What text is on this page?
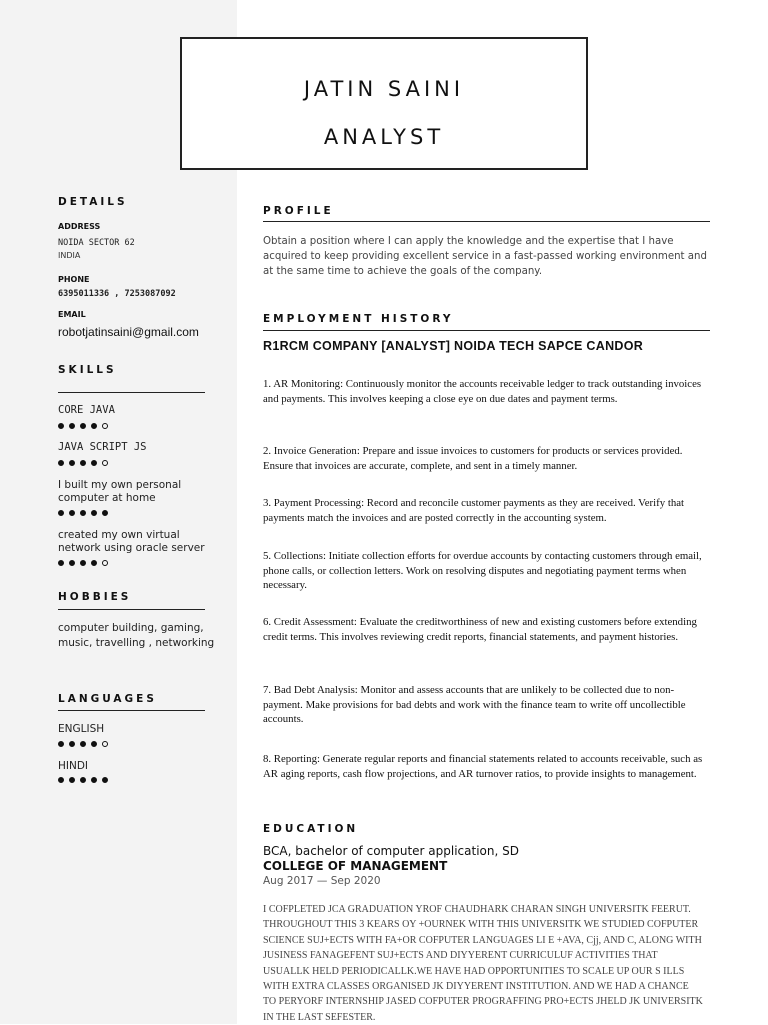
JATIN SAINI
ANALYST
DETAILS
ADDRESS
NOIDA SECTOR 62
INDIA
PHONE
6395011336 , 7253087092
EMAIL
robotjatinsaini@gmail.com
SKILLS
CORE JAVA
JAVA SCRIPT JS
I built my own personal computer at home
created my own virtual network using oracle server
HOBBIES
computer building, gaming, music, travelling , networking
LANGUAGES
ENGLISH
HINDI
PROFILE
Obtain a position where I can apply the knowledge and the expertise that I have acquired to keep providing excellent service in a fast-passed working environment and at the same time to achieve the goals of the company.
EMPLOYMENT HISTORY
R1RCM COMPANY [ANALYST] NOIDA TECH SAPCE CANDOR
1. AR Monitoring: Continuously monitor the accounts receivable ledger to track outstanding invoices and payments. This involves keeping a close eye on due dates and payment terms.
2. Invoice Generation: Prepare and issue invoices to customers for products or services provided. Ensure that invoices are accurate, complete, and sent in a timely manner.
3. Payment Processing: Record and reconcile customer payments as they are received. Verify that payments match the invoices and are posted correctly in the accounting system.
5. Collections: Initiate collection efforts for overdue accounts by contacting customers through email, phone calls, or collection letters. Work on resolving disputes and negotiating payment terms when necessary.
6. Credit Assessment: Evaluate the creditworthiness of new and existing customers before extending credit terms. This involves reviewing credit reports, financial statements, and payment histories.
7. Bad Debt Analysis: Monitor and assess accounts that are unlikely to be collected due to non-payment. Make provisions for bad debts and work with the finance team to write off uncollectible accounts.
8. Reporting: Generate regular reports and financial statements related to accounts receivable, such as AR aging reports, cash flow projections, and AR turnover ratios, to provide insights to management.
EDUCATION
BCA, bachelor of computer application, SD
COLLEGE OF MANAGEMENT
Aug 2017 — Sep 2020
I COFPLETED JCA GRADUATION YROF CHAUDHARK CHARAN SINGH UNIVERSITK FEERUT. THROUGHOUT THIS 3 KEARS OY +OURNEK WITH THIS UNIVERSITK WE STUDIED COFPUTER SCIENCE SUJ+ECTS WITH FA+OR COFPUTER LANGUAGES LI E +AVA, Cjj, AND C, ALONG WITH JUSINESS FANAGEFENT SUJ+ECTS AND DIYYERENT CURRICULUF ACTIVITIES THAT USUALLK HELD PERIODICALLK.WE HAVE HAD OPPORTUNITIES TO SCALE UP OUR S ILLS WITH EXTRA CLASSES ORGANISED JK DIYYERENT INSTITUTION. AND WE HAD A CHANCE TO PERYORF INTERNSHIP JASED COFPUTER PROGRAFFING PRO+ECTS JHELD JK UNIVERSITK IN THE LAST SEFESTER.
